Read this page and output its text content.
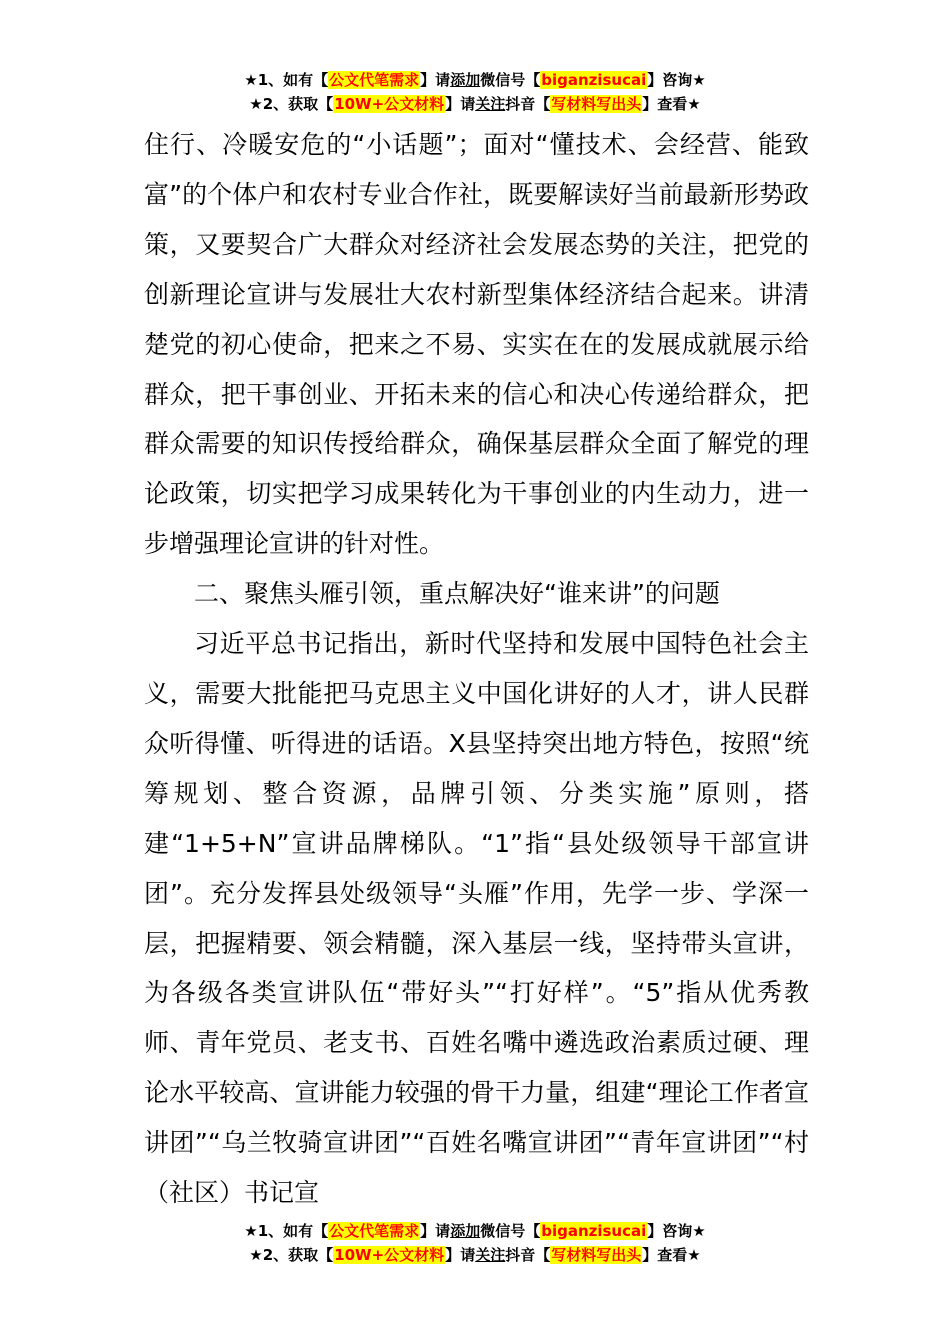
★1、如有【公文代笔需求】请添加微信号【biganzisucai】咨询★
★2、获取【10W+公文材料】请关注抖音【写材料写出头】查看★

住行、冷暖安危的“小话题”；面对“懂技术、会经营、能致富”的个体户和农村专业合作社，既要解读好当前最新形势政策，又要契合广大群众对经济社会发展态势的关注，把党的创新理论宣讲与发展壮大农村新型集体经济结合起来。讲清楚党的初心使命，把来之不易、实实在在的发展成就展示给群众，把干事创业、开拓未来的信心和决心传递给群众，把群众需要的知识传授给群众，确保基层群众全面了解党的理论政策，切实把学习成果转化为干事创业的内生动力，进一步增强理论宣讲的针对性。

二、聚焦头雁引领，重点解决好“谁来讲”的问题

习近平总书记指出，新时代坚持和发展中国特色社会主义，需要大批能把马克思主义中国化讲好的人才，讲人民群众听得懂、听得进的话语。X县坚持突出地方特色，按照“统筹规划、整合资源，品牌引领、分类实施”原则，搭建“1+5+N”宣讲品牌梯队。“1”指“县处级领导干部宣讲团”。充分发挥县处级领导“头雁”作用，先学一步、学深一层，把握精要、领会精髓，深入基层一线，坚持带头宣讲，为各级各类宣讲队伍“带好头”“打好样”。“5”指从优秀教师、青年党员、老支书、百姓名嘴中遴选政治素质过硬、理论水平较高、宣讲能力较强的骨干力量，组建“理论工作者宣讲团”“乌兰牧骑宣讲团”“百姓名嘴宣讲团”“青年宣讲团”“村（社区）书记宣

★1、如有【公文代笔需求】请添加微信号【biganzisucai】咨询★
★2、获取【10W+公文材料】请关注抖音【写材料写出头】查看★
